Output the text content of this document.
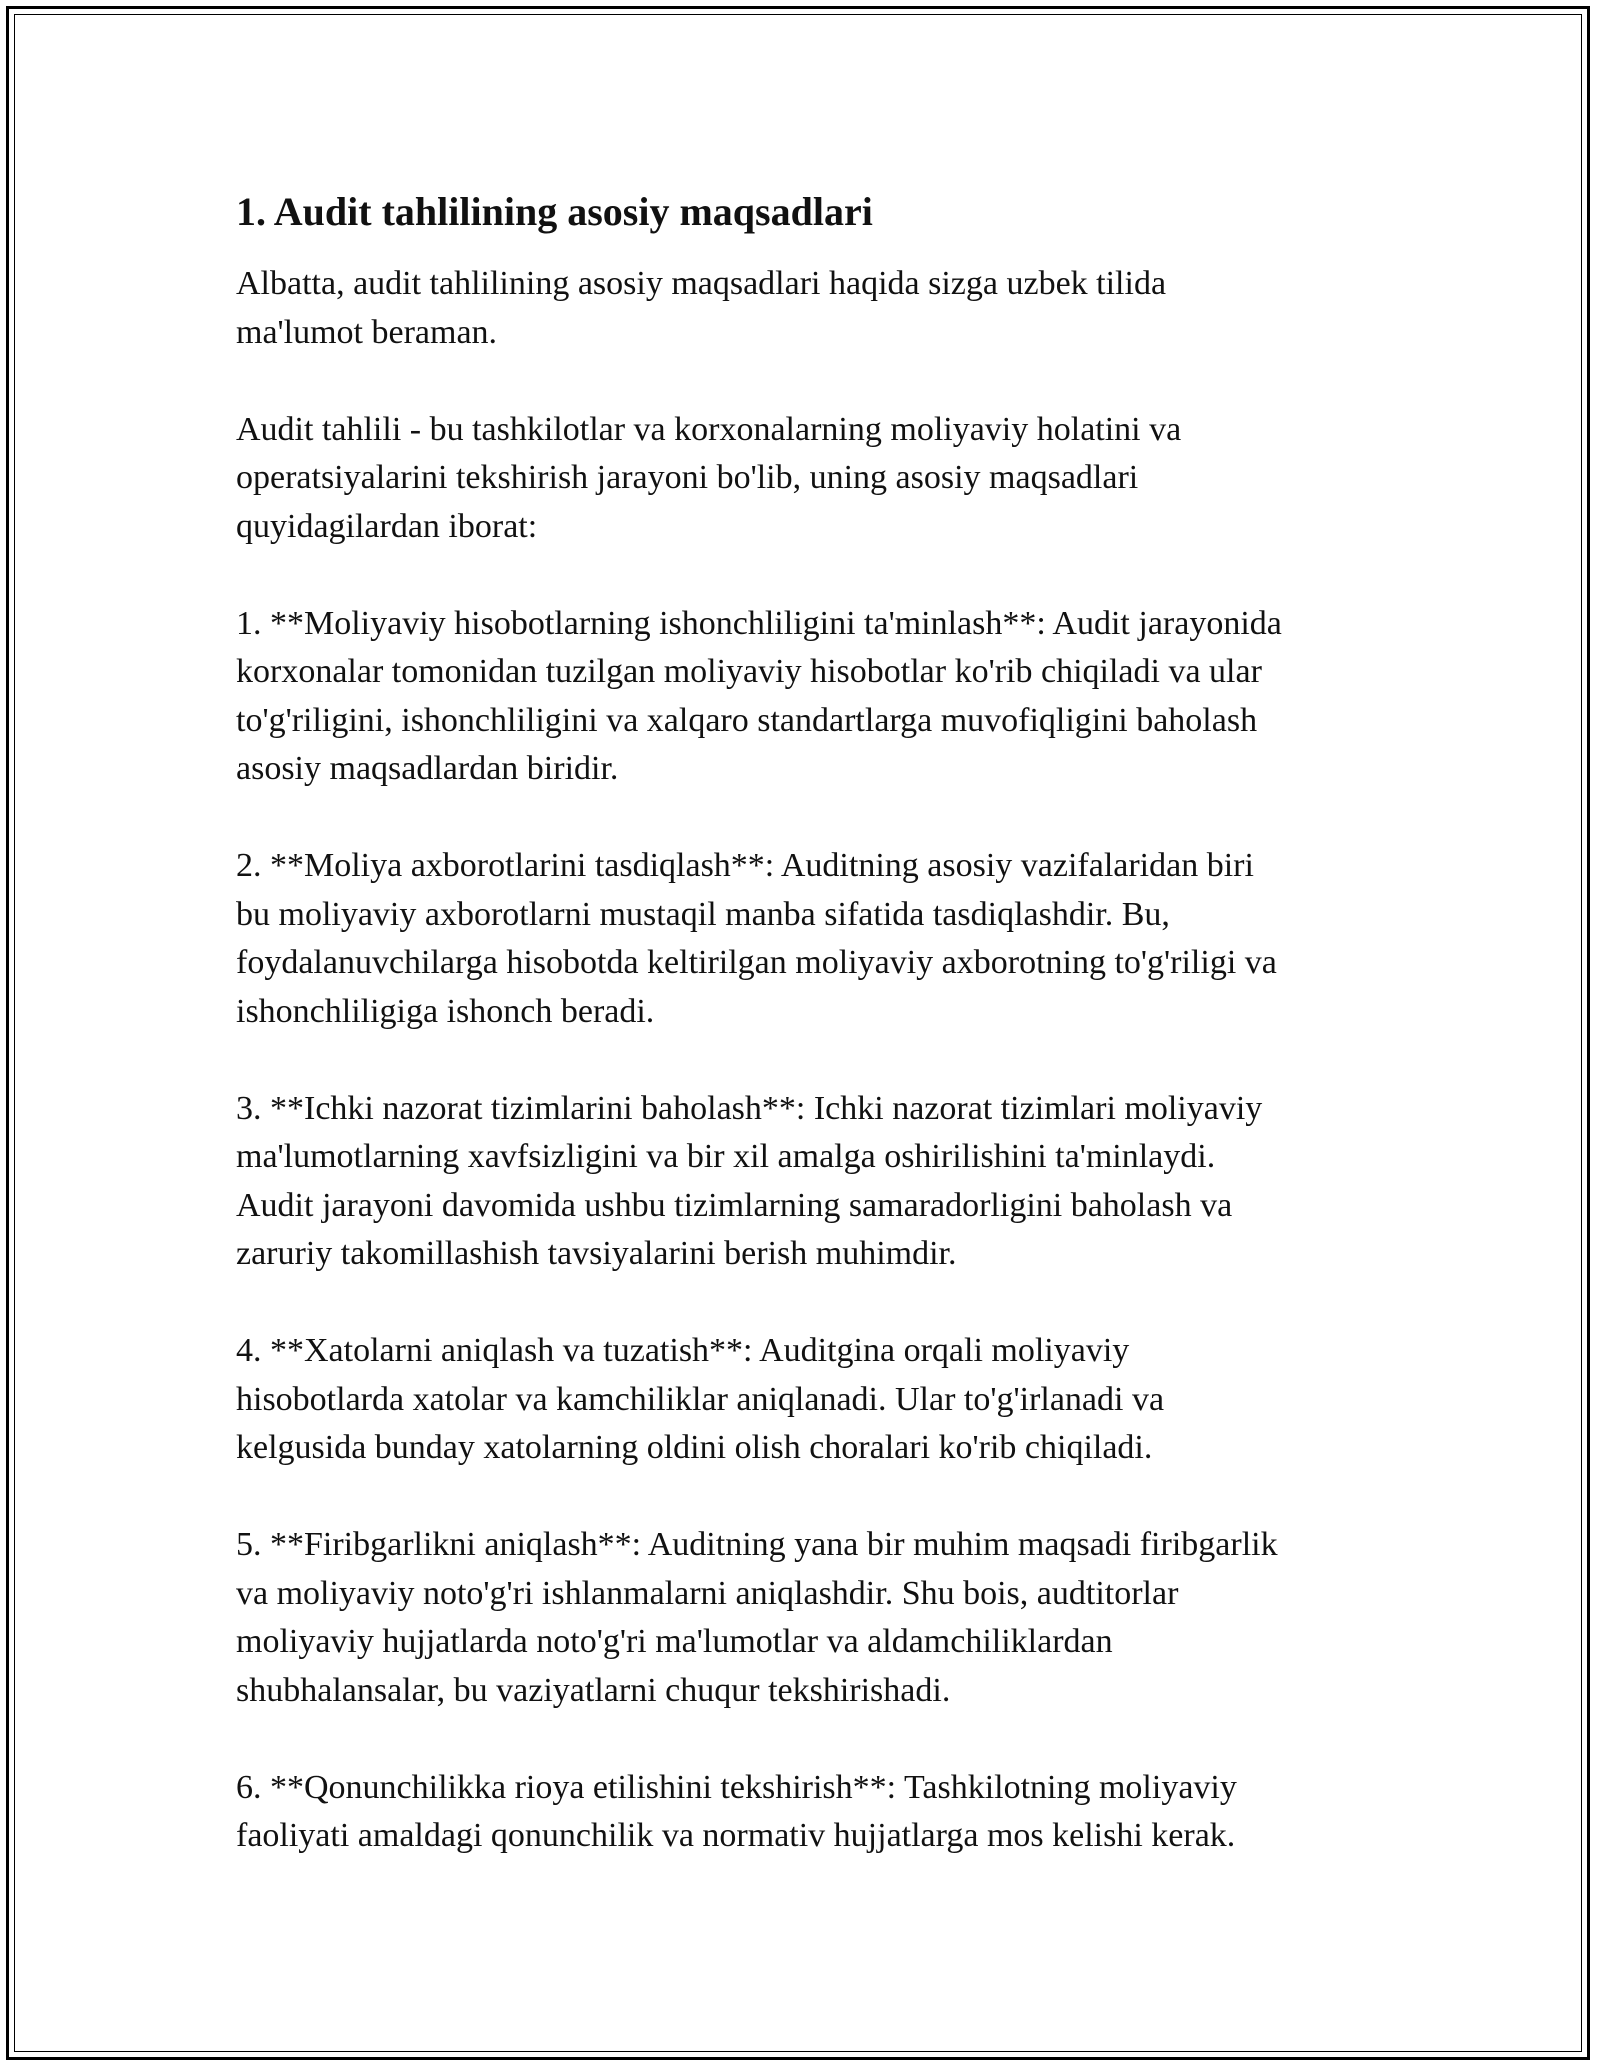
1. Audit tahlilining asosiy maqsadlari

Albatta, audit tahlilining asosiy maqsadlari haqida sizga uzbek tilida
ma'lumot beraman.

Audit tahlili - bu tashkilotlar va korxonalarning moliyaviy holatini va
operatsiyalarini tekshirish jarayoni bo'lib, uning asosiy maqsadlari
quyidagilardan iborat:

1. **Moliyaviy hisobotlarning ishonchliligini ta'minlash**: Audit jarayonida
korxonalar tomonidan tuzilgan moliyaviy hisobotlar ko'rib chiqiladi va ular
to'g'riligini, ishonchliligini va xalqaro standartlarga muvofiqligini baholash
asosiy maqsadlardan biridir.

2. **Moliya axborotlarini tasdiqlash**: Auditning asosiy vazifalaridan biri
bu moliyaviy axborotlarni mustaqil manba sifatida tasdiqlashdir. Bu,
foydalanuvchilarga hisobotda keltirilgan moliyaviy axborotning to'g'riligi va
ishonchliligiga ishonch beradi.

3. **Ichki nazorat tizimlarini baholash**: Ichki nazorat tizimlari moliyaviy
ma'lumotlarning xavfsizligini va bir xil amalga oshirilishini ta'minlaydi.
Audit jarayoni davomida ushbu tizimlarning samaradorligini baholash va
zaruriy takomillashish tavsiyalarini berish muhimdir.

4. **Xatolarni aniqlash va tuzatish**: Auditgina orqali moliyaviy
hisobotlarda xatolar va kamchiliklar aniqlanadi. Ular to'g'irlanadi va
kelgusida bunday xatolarning oldini olish choralari ko'rib chiqiladi.

5. **Firibgarlikni aniqlash**: Auditning yana bir muhim maqsadi firibgarlik
va moliyaviy noto'g'ri ishlanmalarni aniqlashdir. Shu bois, audtitorlar
moliyaviy hujjatlarda noto'g'ri ma'lumotlar va aldamchiliklardan
shubhalansalar, bu vaziyatlarni chuqur tekshirishadi.

6. **Qonunchilikka rioya etilishini tekshirish**: Tashkilotning moliyaviy
faoliyati amaldagi qonunchilik va normativ hujjatlarga mos kelishi kerak.
